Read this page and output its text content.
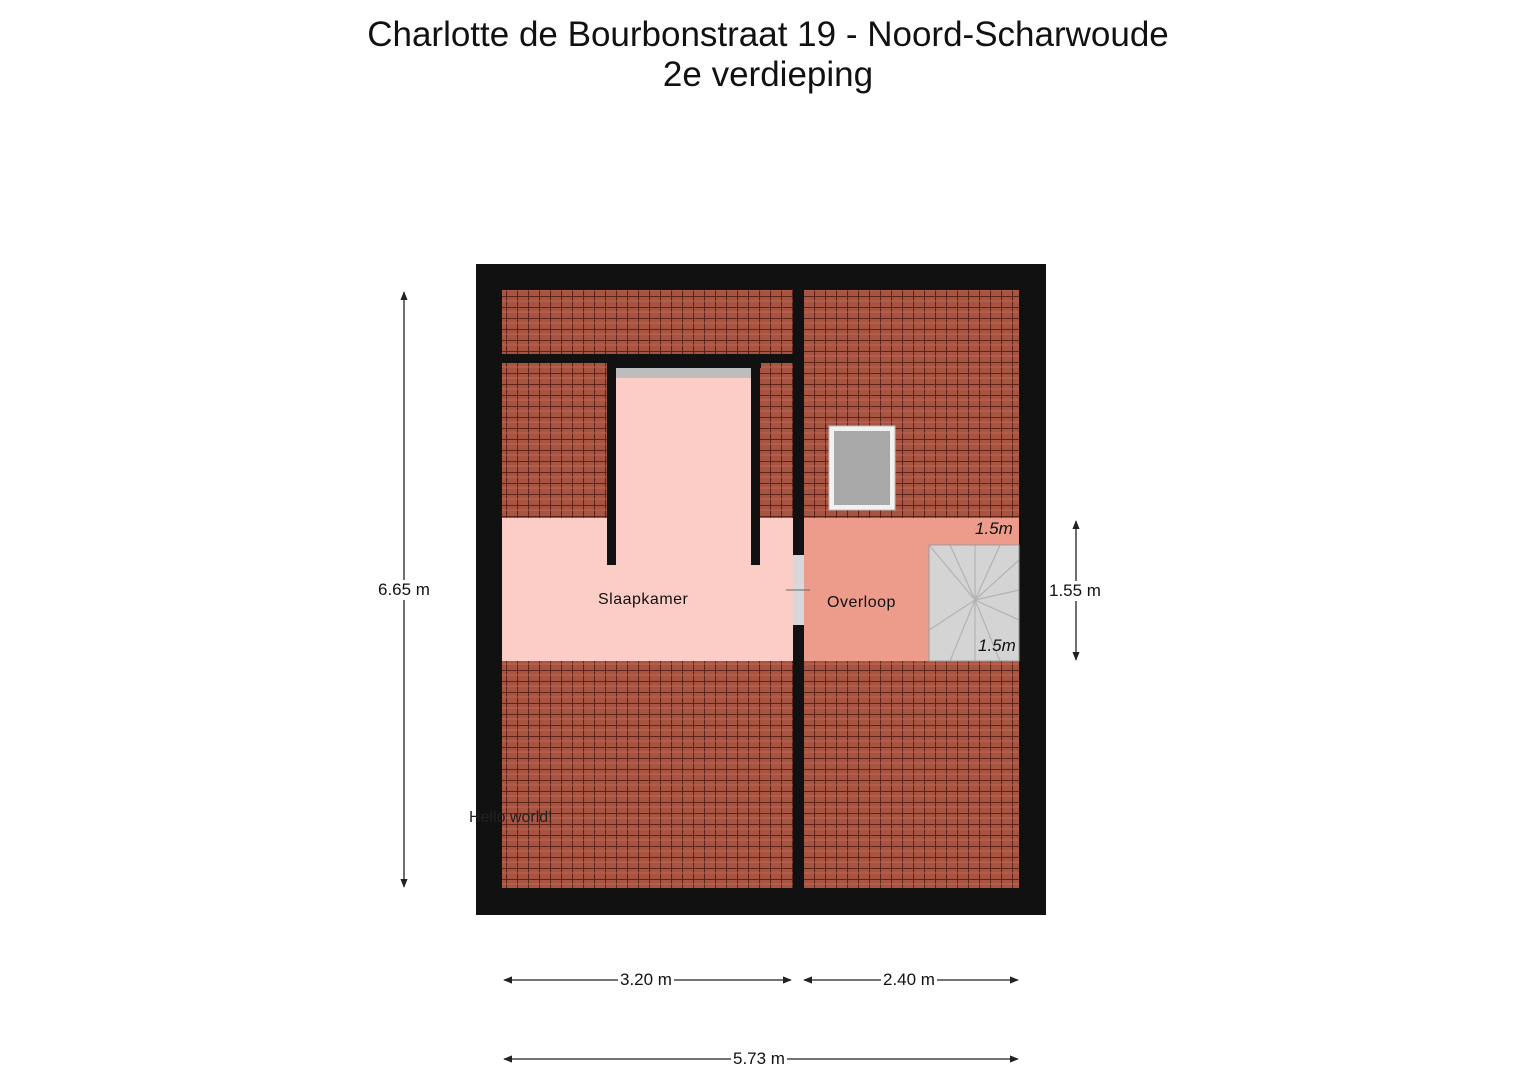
Charlotte de Bourbonstraat 19 - Noord-Scharwoude
2e verdieping
Slaapkamer	Overloop
1.5m
1.5m
Hello world!
6.65 m	1.55 m
3.20 m	2.40 m
5.73 m
